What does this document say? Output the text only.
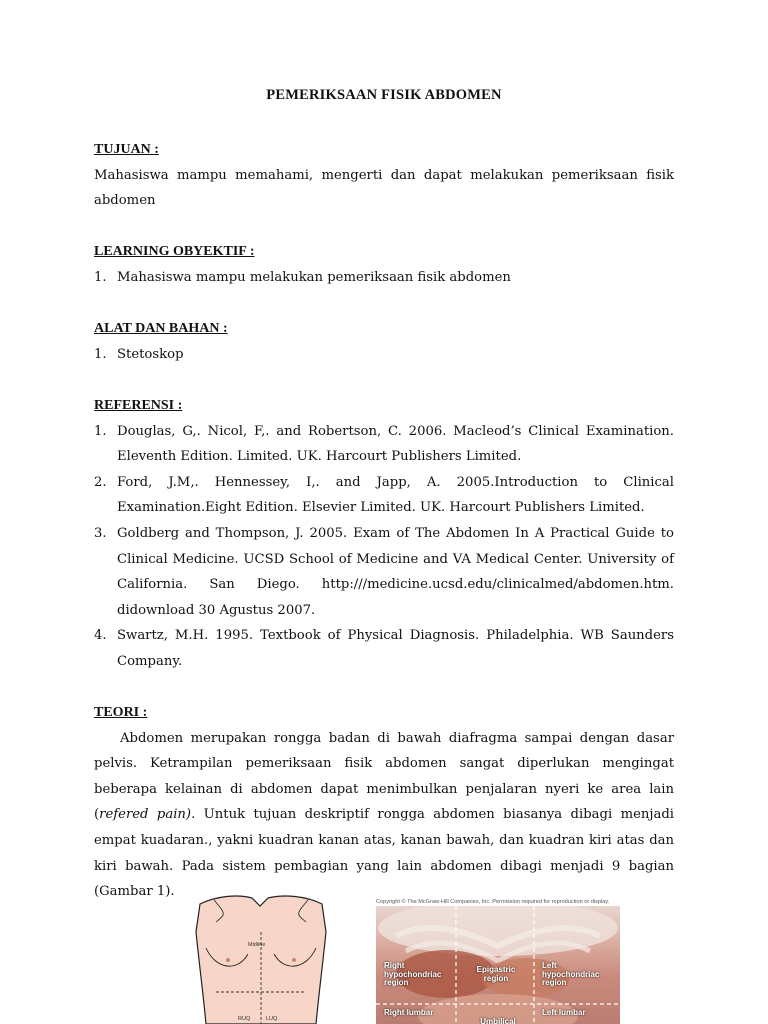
PEMERIKSAAN FISIK ABDOMEN
TUJUAN :

Mahasiswa mampu memahami, mengerti dan dapat melakukan pemeriksaan fisik abdomen

LEARNING OBYEKTIF :
1. Mahasiswa mampu melakukan pemeriksaan fisik abdomen
ALAT DAN BAHAN :
1. Stetoskop
REFERENSI :
1. Douglas, G,. Nicol, F,. and Robertson, C. 2006. Macleod’s Clinical Examination. Eleventh Edition. Limited. UK. Harcourt Publishers Limited.
2. Ford, J.M,. Hennessey, I,. and Japp, A. 2005.Introduction to Clinical Examination.Eight Edition. Elsevier Limited. UK. Harcourt Publishers Limited.
3. Goldberg and Thompson, J. 2005. Exam of The Abdomen In A Practical Guide to Clinical Medicine. UCSD School of Medicine and VA Medical Center. University of California. San Diego. http:///medicine.ucsd.edu/clinicalmed/abdomen.htm. didownload 30 Agustus 2007.
4. Swartz, M.H. 1995. Textbook of Physical Diagnosis. Philadelphia. WB Saunders Company.
TEORI :

Abdomen merupakan rongga badan di bawah diafragma sampai dengan dasar pelvis. Ketrampilan pemeriksaan fisik abdomen sangat diperlukan mengingat beberapa kelainan di abdomen dapat menimbulkan penjalaran nyeri ke area lain (refered pain). Untuk tujuan deskriptif rongga abdomen biasanya dibagi menjadi empat kuadaran., yakni kuadran kanan atas, kanan bawah, dan kuadran kiri atas dan kiri bawah. Pada sistem pembagian yang lain abdomen dibagi menjadi 9 bagian (Gambar 1).

Midline
RUQ	LUQ
Copyright © The McGraw-Hill Companies, Inc. Permission required for reproduction or display.
Right hypochondriac region
Epigastric region
Left hypochondriac region
Right lumbar
Umbilical
Left lumbar
